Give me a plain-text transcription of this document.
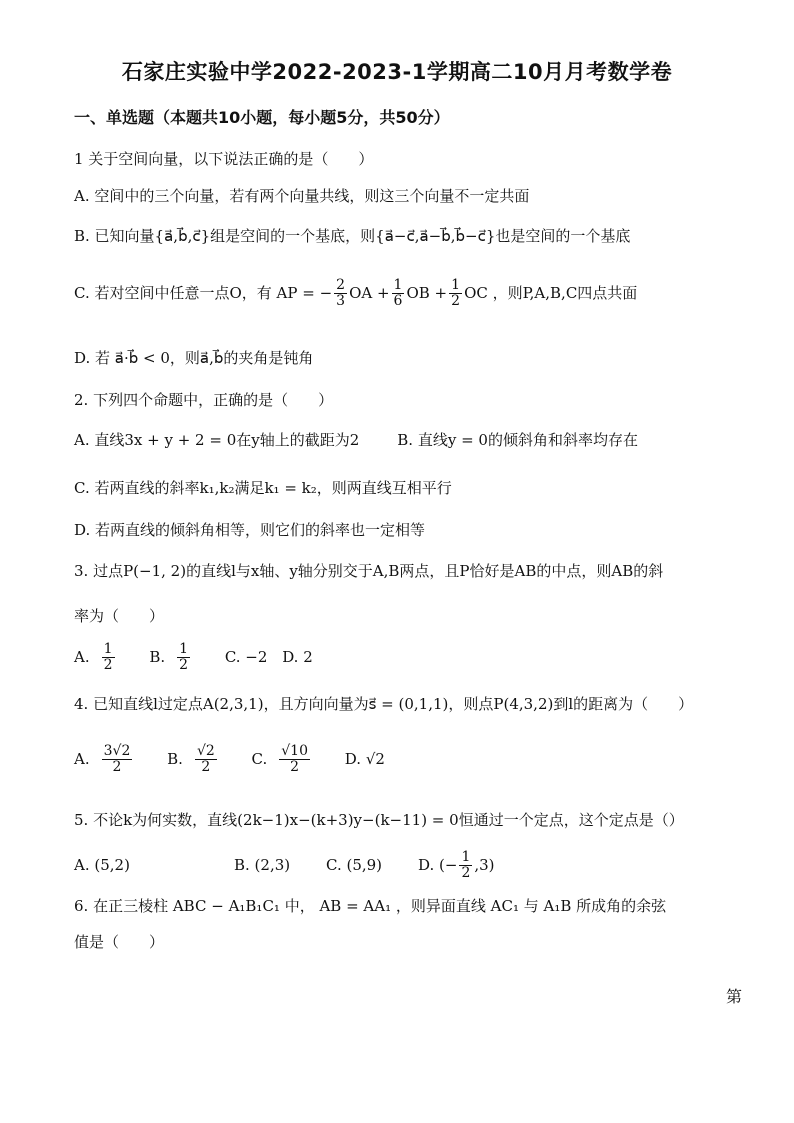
石家庄实验中学2022-2023-1学期高二10月月考数学卷
一、单选题（本题共10小题，每小题5分，共50分）
1 关于空间向量，以下说法正确的是（　　）
A. 空间中的三个向量，若有两个向量共线，则这三个向量不一定共面
B. 已知向量{a⃗,b⃗,c⃗}组是空间的一个基底，则{a⃗−c⃗,a⃗−b⃗,b⃗−c⃗}也是空间的一个基底
C. 若对空间中任意一点O，有 AP = − $\frac{2}{3}$ OA + $\frac{1}{6}$ OB + $\frac{1}{2}$ OC ，则P,A,B,C四点共面
D. 若 a⃗·b⃗ < 0，则a⃗,b⃗的夹角是钝角
2. 下列四个命题中，正确的是（　　）
A. 直线3x + y + 2 = 0在y轴上的截距为2	B. 直线y = 0的倾斜角和斜率均存在
C. 若两直线的斜率k₁,k₂满足k₁ = k₂，则两直线互相平行
D. 若两直线的倾斜角相等，则它们的斜率也一定相等
3. 过点P(−1, 2)的直线l与x轴、y轴分别交于A,B两点，且P恰好是AB的中点，则AB的斜
率为（　　）
A. $\frac{1}{2} B$. $\frac{1}{2} C$. −2 D. 2
4. 已知直线l过定点A(2,3,1)，且方向向量为s⃗ = (0,1,1)，则点P(4,3,2)到l的距离为（　　）
A. $\frac{3√2}{2} B$. $\frac{√2}{2} C$. $\frac{√10}{2} D$. √2
5. 不论k为何实数，直线(2k−1)x−(k+3)y−(k−11) = 0恒通过一个定点，这个定点是（）
A. (5,2)	B. (2,3) C. (5,9) D. (− $\frac{1}{2} ,3$)
6. 在正三棱柱 ABC − A₁B₁C₁ 中， AB = AA₁ ，则异面直线 AC₁ 与 A₁B 所成角的余弦
值是（　　）
第
